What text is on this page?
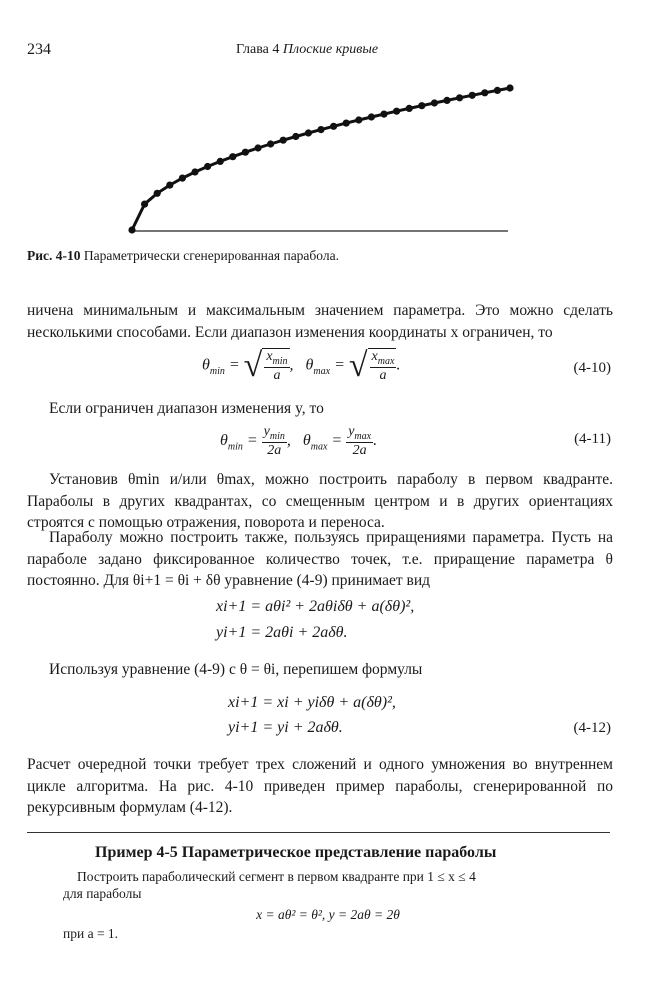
234	Глава 4 Плоские кривые
Рис. 4-10 Параметрически сгенерированная парабола.
ничена минимальным и максимальным значением параметра. Это можно сделать несколькими способами. Если диапазон изменения координаты x ограничен, то
$\theta_{min}$ = √ $\frac{x_{min}}{a}$ ,   $\theta_{max}$ = √ $\frac{x_{max}}{a}$ .	(4-10)
Если ограничен диапазон изменения y, то
$\theta_{min} = \frac{y_{min}}{2a}$ ,   $\theta_{max} = \frac{y_{max}}{2a}$ .	(4-11)
Установив θmin и/или θmax, можно построить параболу в первом квадранте. Параболы в других квадрантах, со смещенным центром и в других ориентациях строятся с помощью отражения, поворота и переноса.
Параболу можно построить также, пользуясь приращениями параметра. Пусть на параболе задано фиксированное количество точек, т.е. приращение параметра θ постоянно. Для θi+1 = θi + δθ уравнение (4-9) принимает вид
xi+1 = aθi² + 2aθiδθ + a(δθ)²,
yi+1 = 2aθi + 2aδθ.
Используя уравнение (4-9) с θ = θi, перепишем формулы
xi+1 = xi + yiδθ + a(δθ)²,
yi+1 = yi + 2aδθ.	(4-12)
Расчет очередной точки требует трех сложений и одного умножения во внутреннем цикле алгоритма. На рис. 4-10 приведен пример параболы, сгенерированной по рекурсивным формулам (4-12).
Пример 4-5 Параметрическое представление параболы
Построить параболический сегмент в первом квадранте при 1 ≤ x ≤ 4
для параболы
x = aθ² = θ², y = 2aθ = 2θ
при a = 1.
